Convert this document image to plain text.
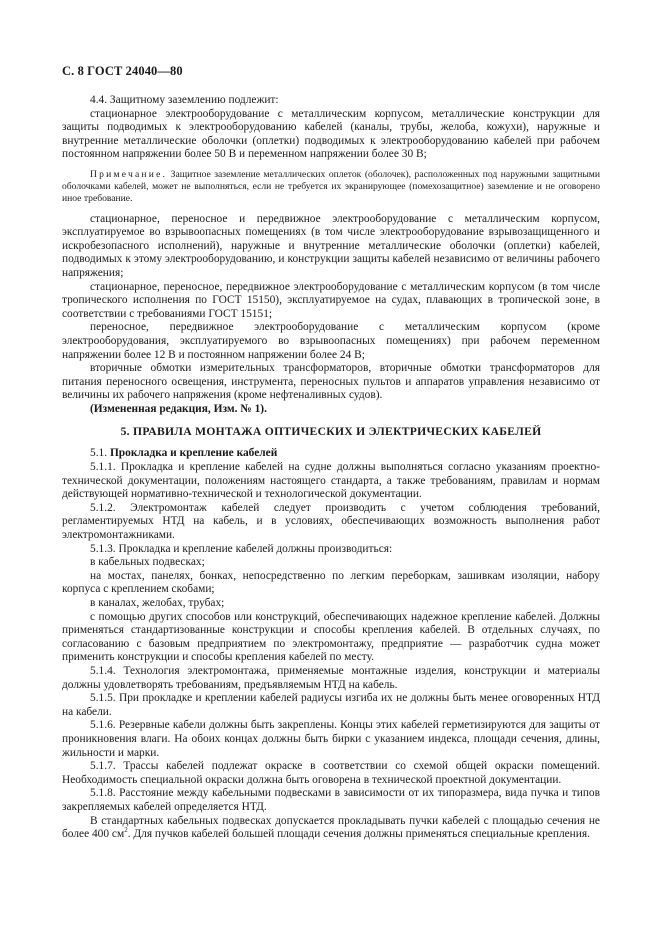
С. 8 ГОСТ 24040—80

4.4. Защитному заземлению подлежит:

стационарное электрооборудование с металлическим корпусом, металлические конструкции для защиты подводимых к электрооборудованию кабелей (каналы, трубы, желоба, кожухи), наружные и внутренние металлические оболочки (оплетки) подводимых к электрооборудованию кабелей при рабочем постоянном напряжении более 50 В и переменном напряжении более 30 В;

Примечание. Защитное заземление металлических оплеток (оболочек), расположенных под наружными защитными оболочками кабелей, может не выполняться, если не требуется их экранирующее (помехозащитное) заземление и не оговорено иное требование.

стационарное, переносное и передвижное электрооборудование с металлическим корпусом, эксплуатируемое во взрывоопасных помещениях (в том числе электрооборудование взрывозащищенного и искробезопасного исполнений), наружные и внутренние металлические оболочки (оплетки) кабелей, подводимых к этому электрооборудованию, и конструкции защиты кабелей независимо от величины рабочего напряжения;

стационарное, переносное, передвижное электрооборудование с металлическим корпусом (в том числе тропического исполнения по ГОСТ 15150), эксплуатируемое на судах, плавающих в тропической зоне, в соответствии с требованиями ГОСТ 15151;

переносное, передвижное электрооборудование с металлическим корпусом (кроме электрооборудования, эксплуатируемого во взрывоопасных помещениях) при рабочем переменном напряжении более 12 В и постоянном напряжении более 24 В;

вторичные обмотки измерительных трансформаторов, вторичные обмотки трансформаторов для питания переносного освещения, инструмента, переносных пультов и аппаратов управления независимо от величины их рабочего напряжения (кроме нефтеналивных судов).

(Измененная редакция, Изм. № 1).

5. ПРАВИЛА МОНТАЖА ОПТИЧЕСКИХ И ЭЛЕКТРИЧЕСКИХ КАБЕЛЕЙ

5.1. Прокладка и крепление кабелей

5.1.1. Прокладка и крепление кабелей на судне должны выполняться согласно указаниям проектно-технической документации, положениям настоящего стандарта, а также требованиям, правилам и нормам действующей нормативно-технической и технологической документации.

5.1.2. Электромонтаж кабелей следует производить с учетом соблюдения требований, регламентируемых НТД на кабель, и в условиях, обеспечивающих возможность выполнения работ электромонтажниками.

5.1.3. Прокладка и крепление кабелей должны производиться:

в кабельных подвесках;

на мостах, панелях, бонках, непосредственно по легким переборкам, зашивкам изоляции, набору корпуса с креплением скобами;

в каналах, желобах, трубах;

с помощью других способов или конструкций, обеспечивающих надежное крепление кабелей. Должны применяться стандартизованные конструкции и способы крепления кабелей. В отдельных случаях, по согласованию с базовым предприятием по электромонтажу, предприятие — разработчик судна может применить конструкции и способы крепления кабелей по месту.

5.1.4. Технология электромонтажа, применяемые монтажные изделия, конструкции и материалы должны удовлетворять требованиям, предъявляемым НТД на кабель.

5.1.5. При прокладке и креплении кабелей радиусы изгиба их не должны быть менее оговоренных НТД на кабели.

5.1.6. Резервные кабели должны быть закреплены. Концы этих кабелей герметизируются для защиты от проникновения влаги. На обоих концах должны быть бирки с указанием индекса, площади сечения, длины, жильности и марки.

5.1.7. Трассы кабелей подлежат окраске в соответствии со схемой общей окраски помещений. Необходимость специальной окраски должна быть оговорена в технической проектной документации.

5.1.8. Расстояние между кабельными подвесками в зависимости от их типоразмера, вида пучка и типов закрепляемых кабелей определяется НТД.

В стандартных кабельных подвесках допускается прокладывать пучки кабелей с площадью сечения не более 400 $см^2$. Для пучков кабелей большей площади сечения должны применяться специальные крепления.
